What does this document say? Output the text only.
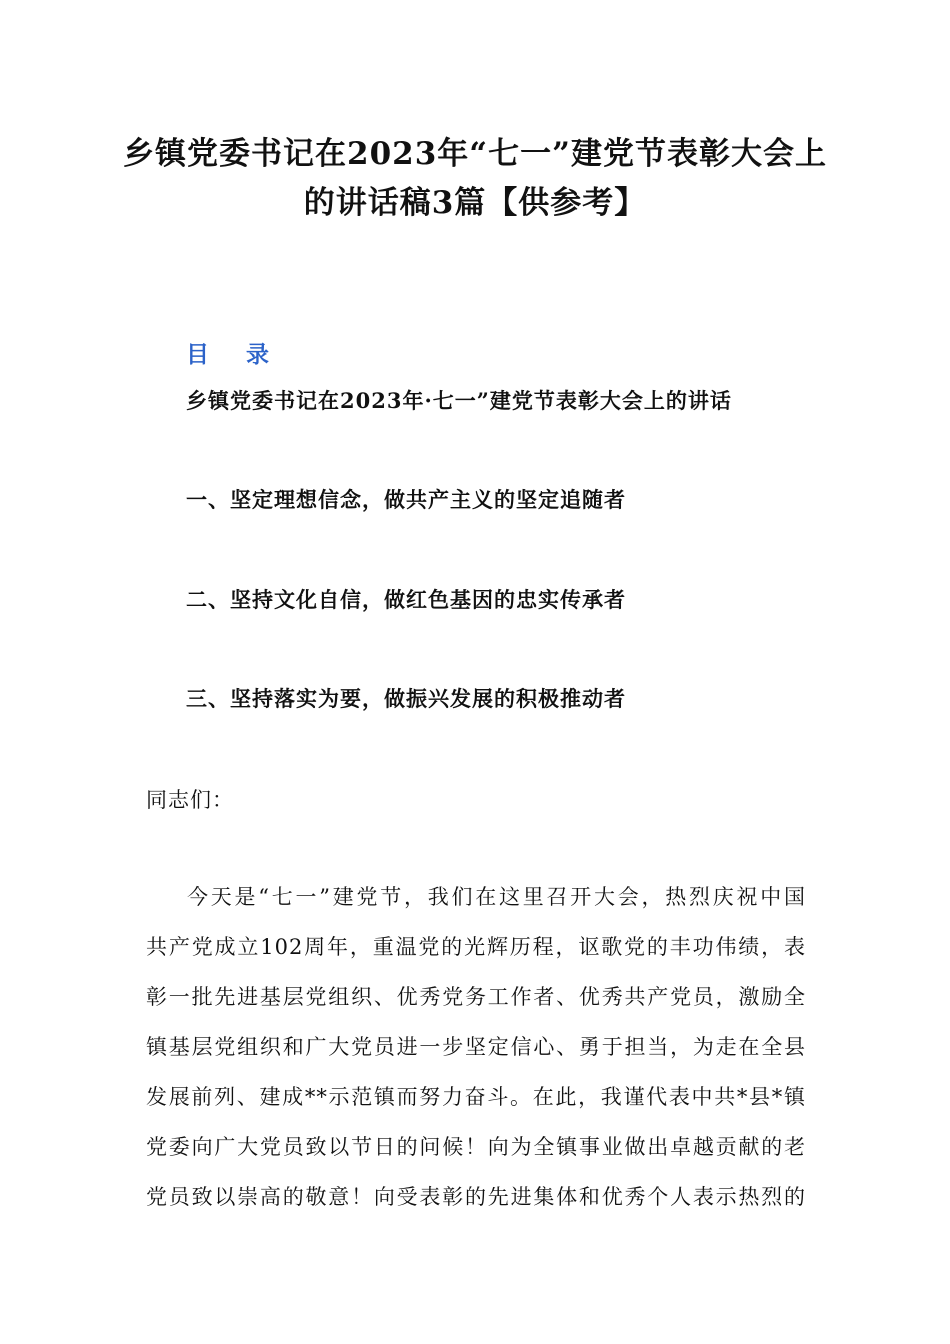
乡镇党委书记在2023年“七一”建党节表彰大会上
的讲话稿3篇【供参考】
目    录
乡镇党委书记在2023年·七一”建党节表彰大会上的讲话
一、坚定理想信念，做共产主义的坚定追随者
二、坚持文化自信，做红色基因的忠实传承者
三、坚持落实为要，做振兴发展的积极推动者
同志们：
今天是“七一”建党节，我们在这里召开大会，热烈庆祝中国
共产党成立102周年，重温党的光辉历程，讴歌党的丰功伟绩，表
彰一批先进基层党组织、优秀党务工作者、优秀共产党员，激励全
镇基层党组织和广大党员进一步坚定信心、勇于担当，为走在全县
发展前列、建成**示范镇而努力奋斗。在此，我谨代表中共*县*镇
党委向广大党员致以节日的问候！向为全镇事业做出卓越贡献的老
党员致以崇高的敬意！向受表彰的先进集体和优秀个人表示热烈的
